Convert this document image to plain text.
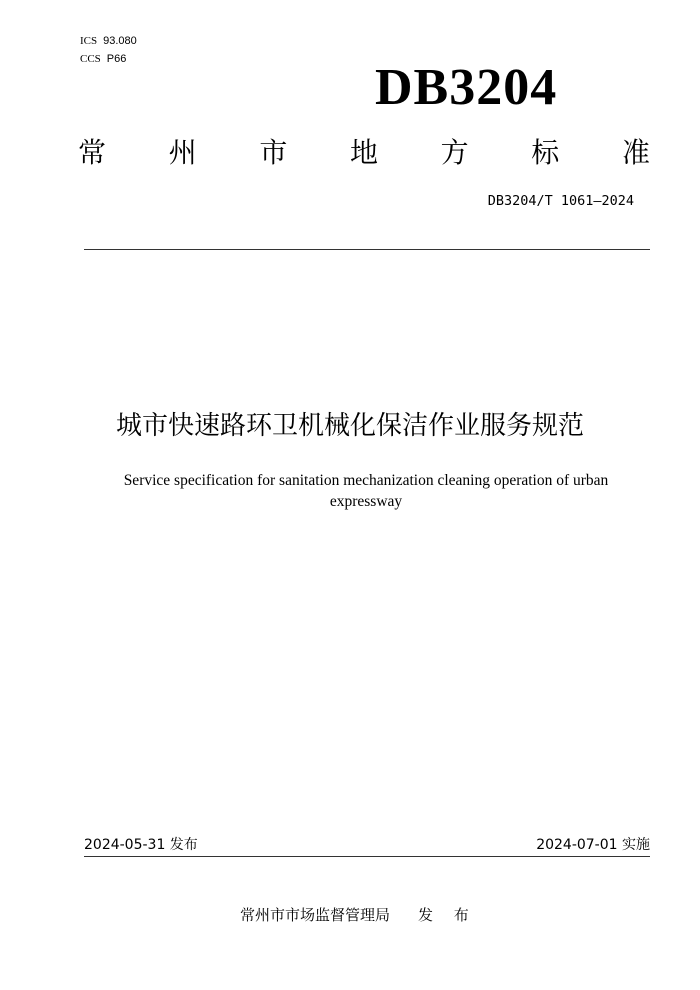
ICS 93.080
CCS P66	DB3204
常 州 市 地 方 标 准
DB3204/T 1061—2024
城市快速路环卫机械化保洁作业服务规范
Service specification for sanitation mechanization cleaning operation of urban expressway
2024-05-31 发布	2024-07-01 实施
常州市市场监督管理局 发 布
